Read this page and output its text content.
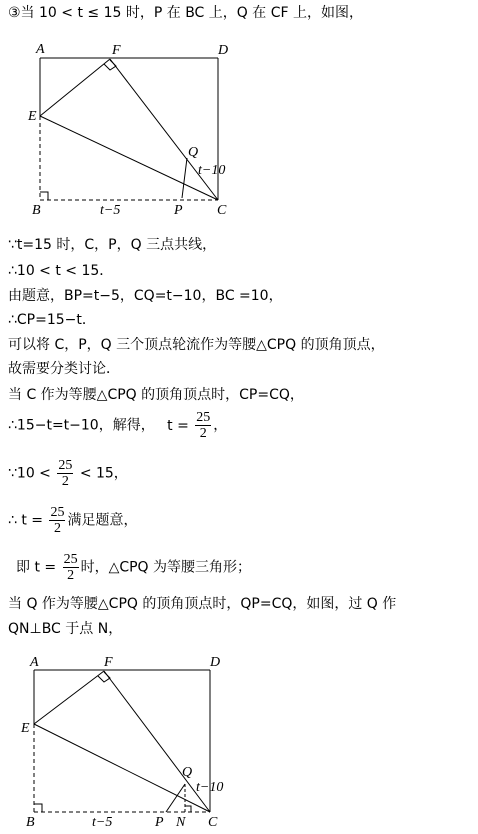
③当 10 < t ≤ 15 时，P 在 BC 上，Q 在 CF 上，如图，
A	F	D
E
Q
t−10
B	t−5	P C
∵t=15 时，C，P，Q 三点共线，
∴10 < t < 15．
由题意，BP=t−5，CQ=t−10，BC =10，
∴CP=15−t．
可以将 C，P，Q 三个顶点轮流作为等腰△CPQ 的顶角顶点，
故需要分类讨论．
当 C 作为等腰△CPQ 的顶角顶点时，CP=CQ，
∴15−t=t−10，解得， $t = \frac{25}{2}$ ，
∵10 < $\frac{25}{2} < 15$，
∴ $t = \frac{25}{2}$ 满足题意，
即 $t = \frac{25}{2}$ 时，△CPQ 为等腰三角形；
当 Q 作为等腰△CPQ 的顶角顶点时，QP=CQ，如图，过 Q 作
QN⊥BC 于点 N，
A	F	D
E
Q
t−10
B	t−5	P N C
